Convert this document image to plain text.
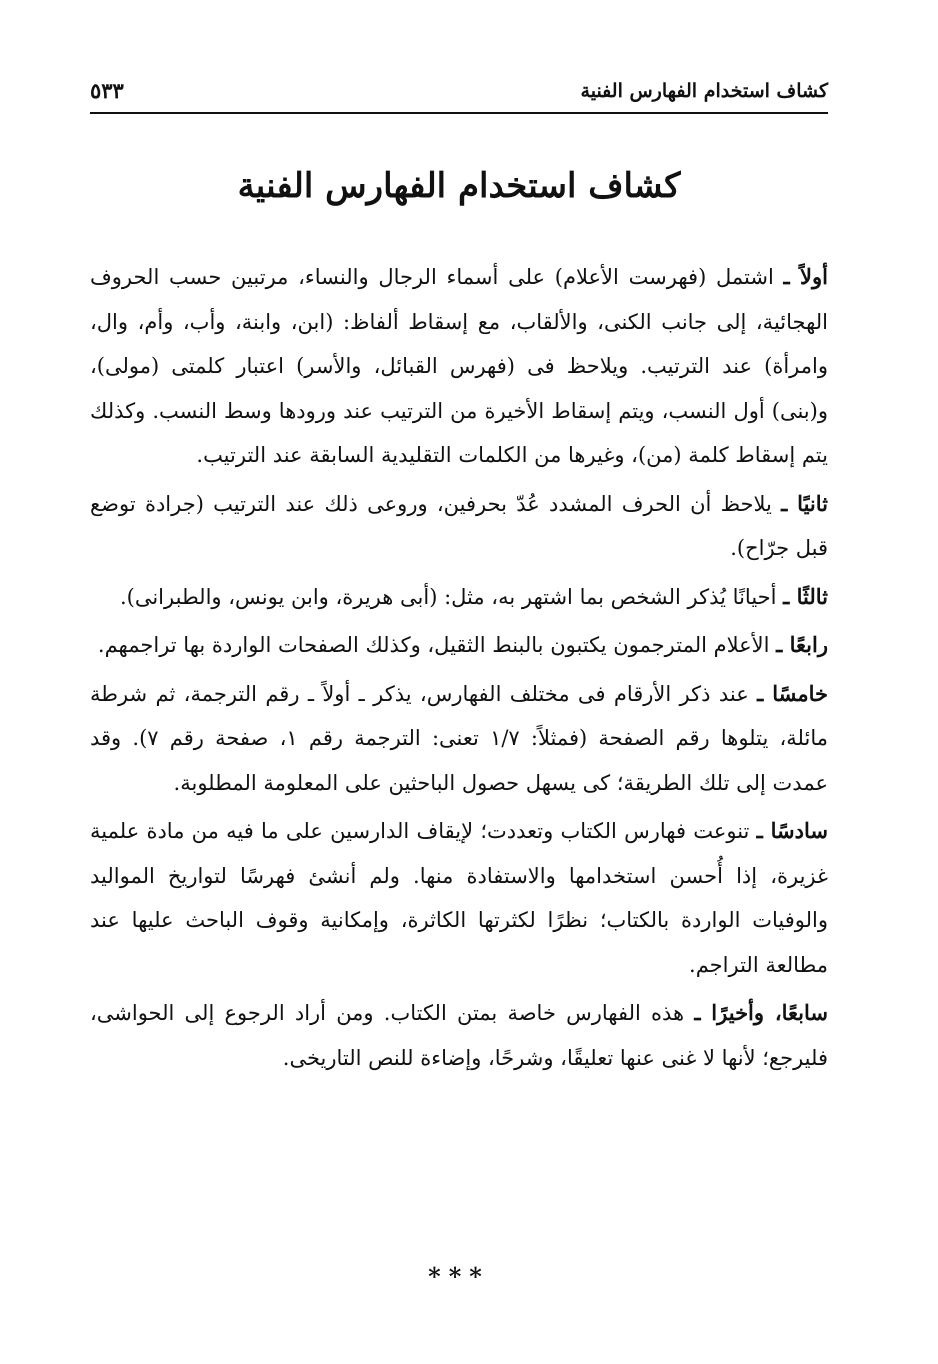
كشاف استخدام الفهارس الفنية
٥٣٣
كشاف استخدام الفهارس الفنية

أولاً ـ اشتمل (فهرست الأعلام) على أسماء الرجال والنساء، مرتبين حسب الحروف الهجائية، إلى جانب الكنى، والألقاب، مع إسقاط ألفاظ: (ابن، وابنة، وأب، وأم، وال، وامرأة) عند الترتيب. ويلاحظ فى (فهرس القبائل، والأسر) اعتبار كلمتى (مولى)، و(بنى) أول النسب، ويتم إسقاط الأخيرة من الترتيب عند ورودها وسط النسب. وكذلك يتم إسقاط كلمة (من)، وغيرها من الكلمات التقليدية السابقة عند الترتيب.

ثانيًا ـ يلاحظ أن الحرف المشدد عُدّ بحرفين، وروعى ذلك عند الترتيب (جرادة توضع قبل جرّاح).

ثالثًا ـ أحيانًا يُذكر الشخص بما اشتهر به، مثل: (أبى هريرة، وابن يونس، والطبرانى).

رابعًا ـ الأعلام المترجمون يكتبون بالبنط الثقيل، وكذلك الصفحات الواردة بها تراجمهم.

خامسًا ـ عند ذكر الأرقام فى مختلف الفهارس، يذكر ـ أولاً ـ رقم الترجمة، ثم شرطة مائلة، يتلوها رقم الصفحة (فمثلاً: ١/٧ تعنى: الترجمة رقم ١، صفحة رقم ٧). وقد عمدت إلى تلك الطريقة؛ كى يسهل حصول الباحثين على المعلومة المطلوبة.

سادسًا ـ تنوعت فهارس الكتاب وتعددت؛ لإيقاف الدارسين على ما فيه من مادة علمية غزيرة، إذا أُحسن استخدامها والاستفادة منها. ولم أنشئ فهرسًا لتواريخ المواليد والوفيات الواردة بالكتاب؛ نظرًا لكثرتها الكاثرة، وإمكانية وقوف الباحث عليها عند مطالعة التراجم.

سابعًا، وأخيرًا ـ هذه الفهارس خاصة بمتن الكتاب. ومن أراد الرجوع إلى الحواشى، فليرجع؛ لأنها لا غنى عنها تعليقًا، وشرحًا، وإضاءة للنص التاريخى.

***
